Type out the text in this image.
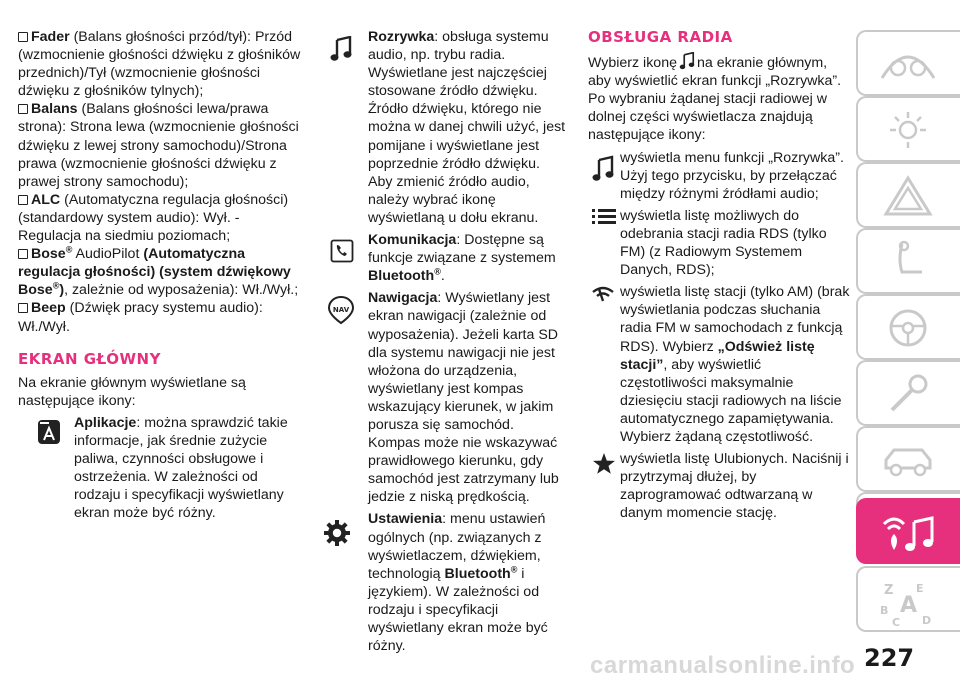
Fader (Balans głośności przód/tył): Przód (wzmocnienie głośności dźwięku z głośników przednich)/Tył (wzmocnienie głośności dźwięku z głośników tylnych);

Balans (Balans głośności lewa/prawa strona): Strona lewa (wzmocnienie głośności dźwięku z lewej strony samochodu)/Strona prawa (wzmocnienie głośności dźwięku z prawej strony samochodu);

ALC (Automatyczna regulacja głośności) (standardowy system audio): Wył. - Regulacja na siedmiu poziomach;

Bose® AudioPilot (Automatyczna regulacja głośności) (system dźwiękowy Bose®), zależnie od wyposażenia): Wł./Wył.;

Beep (Dźwięk pracy systemu audio): Wł./Wył.

EKRAN GŁÓWNY

Na ekranie głównym wyświetlane są następujące ikony:

Aplikacje: można sprawdzić takie informacje, jak średnie zużycie paliwa, czynności obsługowe i ostrzeżenia. W zależności od rodzaju i specyfikacji wyświetlany ekran może być różny.
Rozrywka: obsługa systemu audio, np. trybu radia. Wyświetlane jest najczęściej stosowane źródło dźwięku. Źródło dźwięku, którego nie można w danej chwili użyć, jest pomijane i wyświetlane jest poprzednie źródło dźwięku. Aby zmienić źródło audio, należy wybrać ikonę wyświetlaną u dołu ekranu.
Komunikacja: Dostępne są funkcje związane z systemem Bluetooth®.
NAV
Nawigacja: Wyświetlany jest ekran nawigacji (zależnie od wyposażenia). Jeżeli karta SD dla systemu nawigacji nie jest włożona do urządzenia, wyświetlany jest kompas wskazujący kierunek, w jakim porusza się samochód. Kompas może nie wskazywać prawidłowego kierunku, gdy samochód jest zatrzymany lub jedzie z niską prędkością.

Ustawienia: menu ustawień ogólnych (np. związanych z wyświetlaczem, dźwiękiem, technologią Bluetooth® i językiem). W zależności od rodzaju i specyfikacji wyświetlany ekran może być różny.

OBSŁUGA RADIA

Wybierz ikonę na ekranie głównym, aby wyświetlić ekran funkcji „Rozrywka”. Po wybraniu żądanej stacji radiowej w dolnej części wyświetlacza znajdują następujące ikony:

wyświetla menu funkcji „Rozrywka”. Użyj tego przycisku, by przełączać między różnymi źródłami audio;
wyświetla listę możliwych do odebrania stacji radia RDS (tylko FM) (z Radiowym Systemem Danych, RDS);
wyświetla listę stacji (tylko AM) (brak wyświetlania podczas słuchania radia FM w samochodach z funkcją RDS). Wybierz „Odśwież listę stacji”, aby wyświetlić częstotliwości maksymalnie dziesięciu stacji radiowych na liście automatycznego zapamiętywania. Wybierz żądaną częstotliwość.
wyświetla listę Ulubionych. Naciśnij i przytrzymaj dłużej, by zaprogramować odtwarzaną w danym momencie stację.
Z E
A
B
C D
227
carmanualsonline.info
